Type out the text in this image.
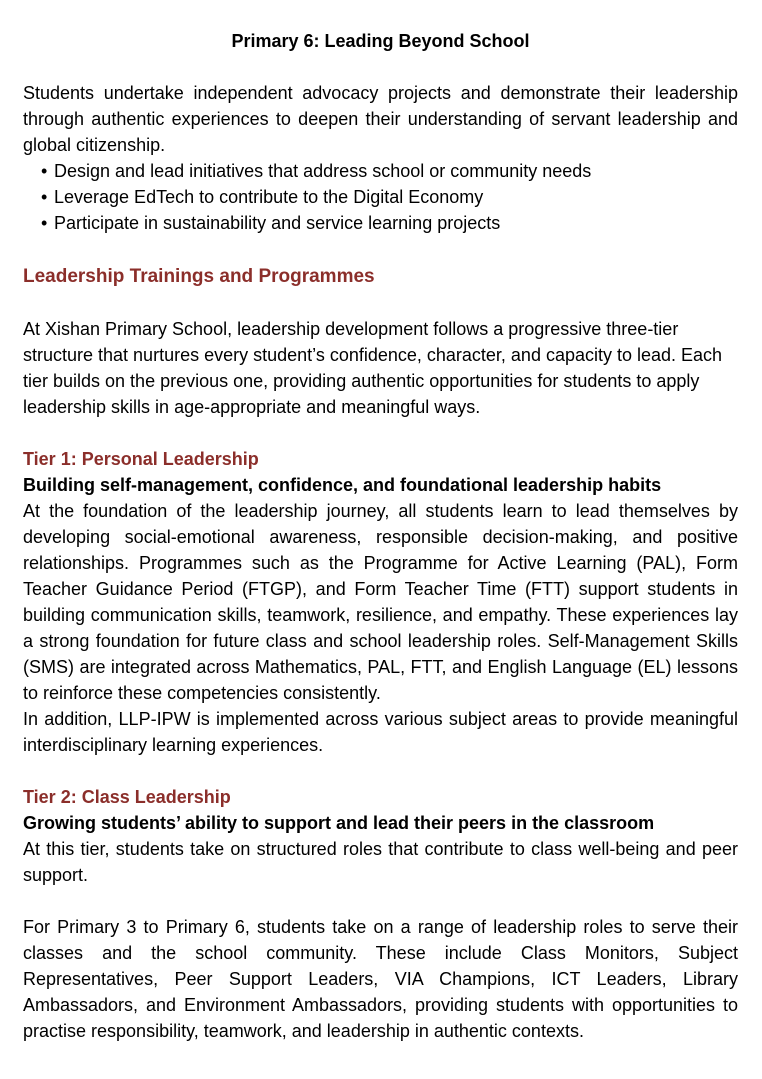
Primary 6: Leading Beyond School

Students undertake independent advocacy projects and demonstrate their leadership through authentic experiences to deepen their understanding of servant leadership and global citizenship.

• Design and lead initiatives that address school or community needs
• Leverage EdTech to contribute to the Digital Economy
• Participate in sustainability and service learning projects
Leadership Trainings and Programmes

At Xishan Primary School, leadership development follows a progressive three-tier structure that nurtures every student’s confidence, character, and capacity to lead. Each tier builds on the previous one, providing authentic opportunities for students to apply leadership skills in age-appropriate and meaningful ways.

Tier 1: Personal Leadership
Building self-management, confidence, and foundational leadership habits

At the foundation of the leadership journey, all students learn to lead themselves by developing social-emotional awareness, responsible decision-making, and positive relationships. Programmes such as the Programme for Active Learning (PAL), Form Teacher Guidance Period (FTGP), and Form Teacher Time (FTT) support students in building communication skills, teamwork, resilience, and empathy. These experiences lay a strong foundation for future class and school leadership roles. Self-Management Skills (SMS) are integrated across Mathematics, PAL, FTT, and English Language (EL) lessons to reinforce these competencies consistently.

In addition, LLP-IPW is implemented across various subject areas to provide meaningful interdisciplinary learning experiences.

Tier 2: Class Leadership
Growing students’ ability to support and lead their peers in the classroom

At this tier, students take on structured roles that contribute to class well-being and peer support.

For Primary 3 to Primary 6, students take on a range of leadership roles to serve their classes and the school community. These include Class Monitors, Subject Representatives, Peer Support Leaders, VIA Champions, ICT Leaders, Library Ambassadors, and Environment Ambassadors, providing students with opportunities to practise responsibility, teamwork, and leadership in authentic contexts.
